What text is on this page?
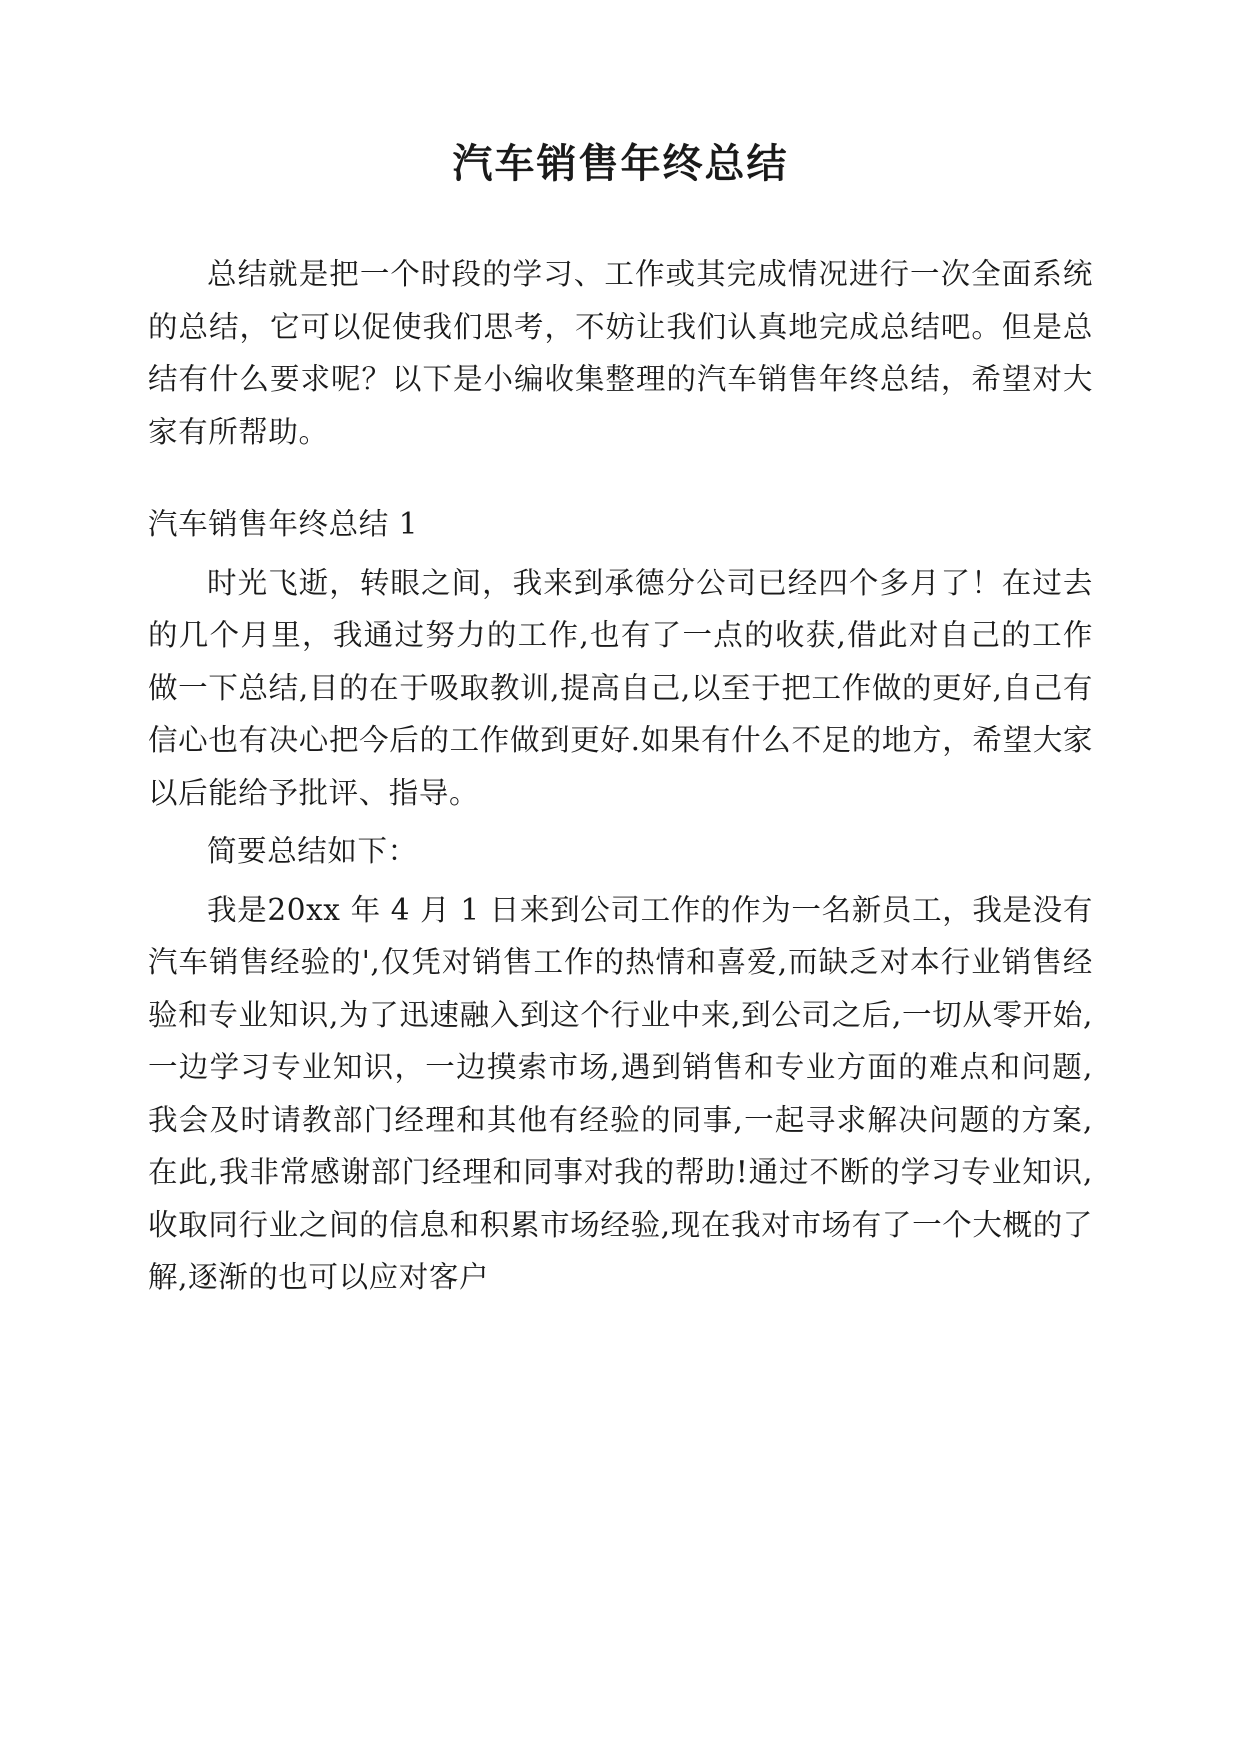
汽车销售年终总结

总结就是把一个时段的学习、工作或其完成情况进行一次全面系统的总结，它可以促使我们思考，不妨让我们认真地完成总结吧。但是总结有什么要求呢？以下是小编收集整理的汽车销售年终总结，希望对大家有所帮助。

汽车销售年终总结 1

时光飞逝，转眼之间，我来到承德分公司已经四个多月了！在过去的几个月里，我通过努力的工作,也有了一点的收获,借此对自己的工作做一下总结,目的在于吸取教训,提高自己,以至于把工作做的更好,自己有信心也有决心把今后的工作做到更好.如果有什么不足的地方，希望大家以后能给予批评、指导。

简要总结如下：

我是20xx 年 4 月 1 日来到公司工作的作为一名新员工，我是没有汽车销售经验的',仅凭对销售工作的热情和喜爱,而缺乏对本行业销售经验和专业知识,为了迅速融入到这个行业中来,到公司之后,一切从零开始,一边学习专业知识，一边摸索市场,遇到销售和专业方面的难点和问题,我会及时请教部门经理和其他有经验的同事,一起寻求解决问题的方案,在此,我非常感谢部门经理和同事对我的帮助!通过不断的学习专业知识,收取同行业之间的信息和积累市场经验,现在我对市场有了一个大概的了解,逐渐的也可以应对客户
